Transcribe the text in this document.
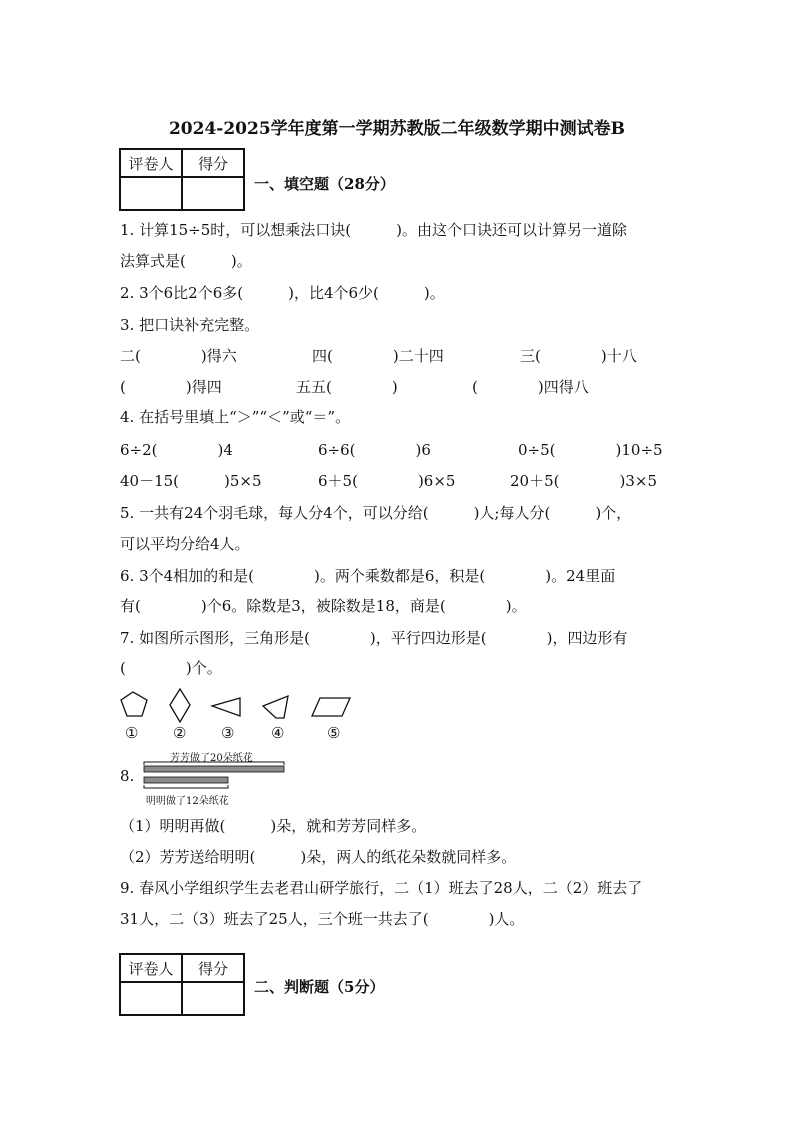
2024-2025学年度第一学期苏教版二年级数学期中测试卷B
评卷人	得分

一、填空题（28分）
1. 计算15÷5时，可以想乘法口诀(　　　)。由这个口诀还可以计算另一道除
法算式是(　　　)。
2. 3个6比2个6多(　　　)，比4个6少(　　　)。
3. 把口诀补充完整。
二(　　　　)得六	四(　　　　)二十四	三(　　　　)十八
(　　　　)得四	五五(　　　　)	(　　　　)四得八
4. 在括号里填上“＞”“＜”或“＝”。
6÷2(　　　　)4	6÷6(　　　　)6	0÷5(　　　　)10÷5
40－15(　　　)5×5	6＋5(　　　　)6×5	20＋5(　　　　)3×5
5. 一共有24个羽毛球，每人分4个，可以分给(　　　)人;每人分(　　　)个，
可以平均分给4人。
6. 3个4相加的和是(　　　　)。两个乘数都是6，积是(　　　　)。24里面
有(　　　　)个6。除数是3，被除数是18，商是(　　　　)。
7. 如图所示图形，三角形是(　　　　)，平行四边形是(　　　　)，四边形有
(　　　　)个。
① ② ③ ④	⑤
8.
芳芳做了20朵纸花
明明做了12朵纸花
（1）明明再做(　　　)朵，就和芳芳同样多。
（2）芳芳送给明明(　　　)朵，两人的纸花朵数就同样多。
9. 春风小学组织学生去老君山研学旅行，二（1）班去了28人，二（2）班去了
31人，二（3）班去了25人，三个班一共去了(　　　　)人。
评卷人	得分

二、判断题（5分）
